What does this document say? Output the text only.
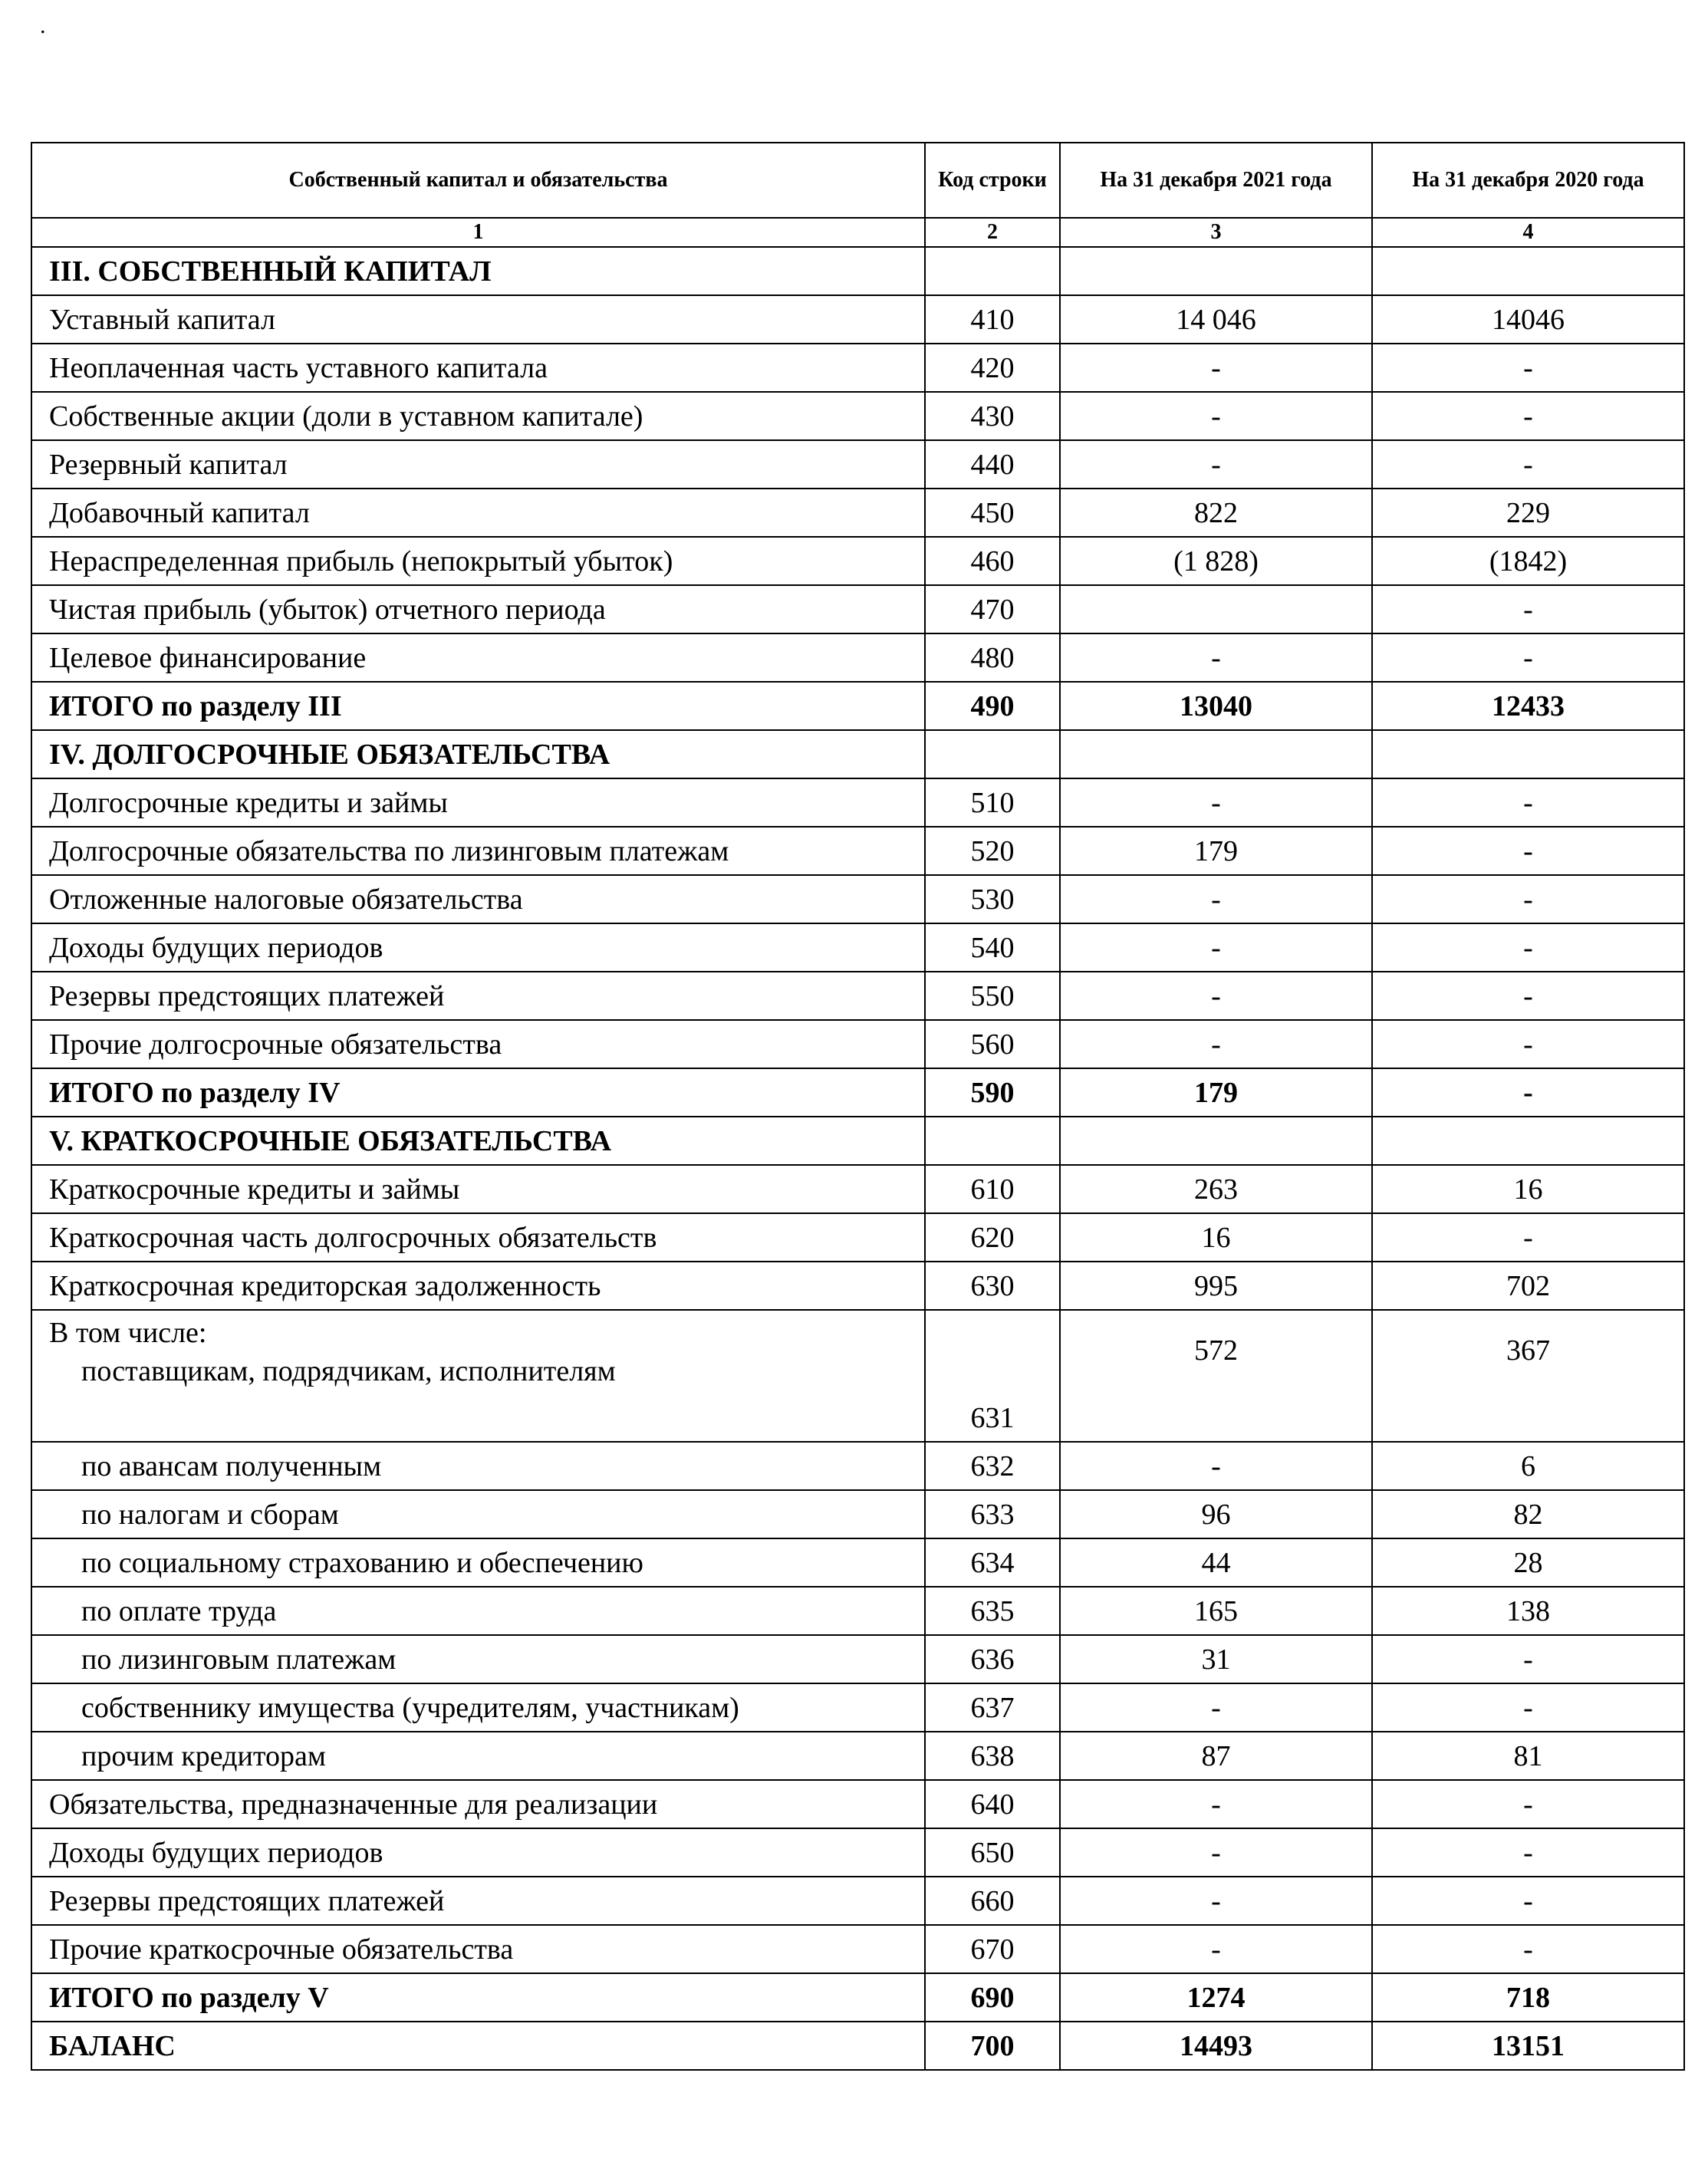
.
Собственный капитал и обязательства	Код строки	На 31 декабря 2021 года	На 31 декабря 2020 года
1	2	3	4
III. СОБСТВЕННЫЙ КАПИТАЛ			
Уставный капитал	410	14 046	14046
Неоплаченная часть уставного капитала	420	-	-
Собственные акции (доли в уставном капитале)	430	-	-
Резервный капитал	440	-	-
Добавочный капитал	450	822	229
Нераспределенная прибыль (непокрытый убыток)	460	(1 828)	(1842)
Чистая прибыль (убыток) отчетного периода	470		-
Целевое финансирование	480	-	-
ИТОГО по разделу III	490	13040	12433
IV. ДОЛГОСРОЧНЫЕ ОБЯЗАТЕЛЬСТВА			
Долгосрочные кредиты и займы	510	-	-
Долгосрочные обязательства по лизинговым платежам	520	179	-
Отложенные налоговые обязательства	530	-	-
Доходы будущих периодов	540	-	-
Резервы предстоящих платежей	550	-	-
Прочие долгосрочные обязательства	560	-	-
ИТОГО по разделу IV	590	179	-
V. КРАТКОСРОЧНЫЕ ОБЯЗАТЕЛЬСТВА			
Краткосрочные кредиты и займы	610	263	16
Краткосрочная часть долгосрочных обязательств	620	16	-
Краткосрочная кредиторская задолженность	630	995	702

В том числе:
поставщикам, подрядчикам, исполнителям	631	572	367
по авансам полученным	632	-	6
по налогам и сборам	633	96	82
по социальному страхованию и обеспечению	634	44	28
по оплате труда	635	165	138
по лизинговым платежам	636	31	-
собственнику имущества (учредителям, участникам)	637	-	-
прочим кредиторам	638	87	81
Обязательства, предназначенные для реализации	640	-	-
Доходы будущих периодов	650	-	-
Резервы предстоящих платежей	660	-	-
Прочие краткосрочные обязательства	670	-	-
ИТОГО по разделу V	690	1274	718
БАЛАНС	700	14493	13151
